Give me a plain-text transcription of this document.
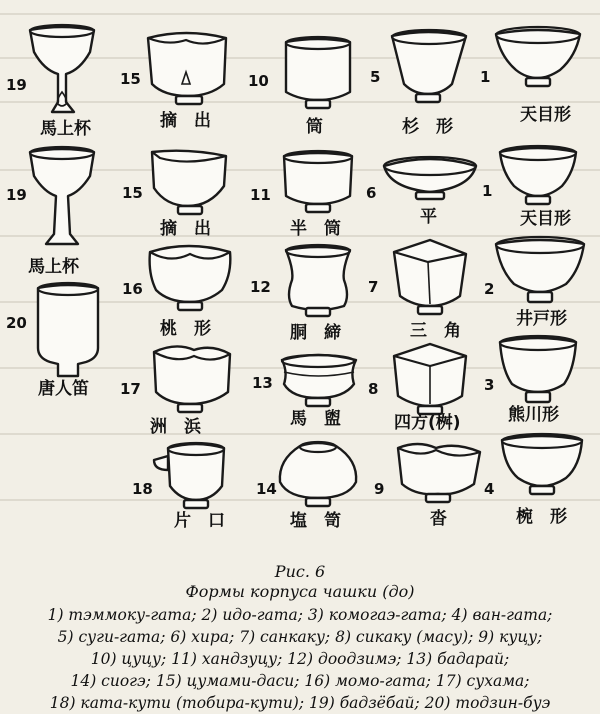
19
馬上杯
19
馬上杯
20
唐人笛
15
摘　出
15
摘　出
16
桃　形
17
洲　浜
18
片　口
10
筒
11
半　筒
12
胴　締
13
馬　盥
14
塩　笥
5
杉　形
6
平
7
三　角
8
四方(桝)
9
沓
1
天目形
1
天目形
2
井戸形
3
熊川形
4
椀　形
Рис. 6
Формы корпуса чашки (до)
1) тэммоку-гата; 2) идо-гата; 3) комогаэ-гата; 4) ван-гата;
5) суги-гата; 6) хира; 7) санкаку; 8) сикаку (масу); 9) куцу;
10) цуцу; 11) хандзуцу; 12) доодзимэ; 13) бадарай;
14) сиогэ; 15) цумами-даси; 16) момо-гата; 17) сухама;
18) ката-кути (тобира-кути); 19) бадзёбай; 20) тодзин-буэ
